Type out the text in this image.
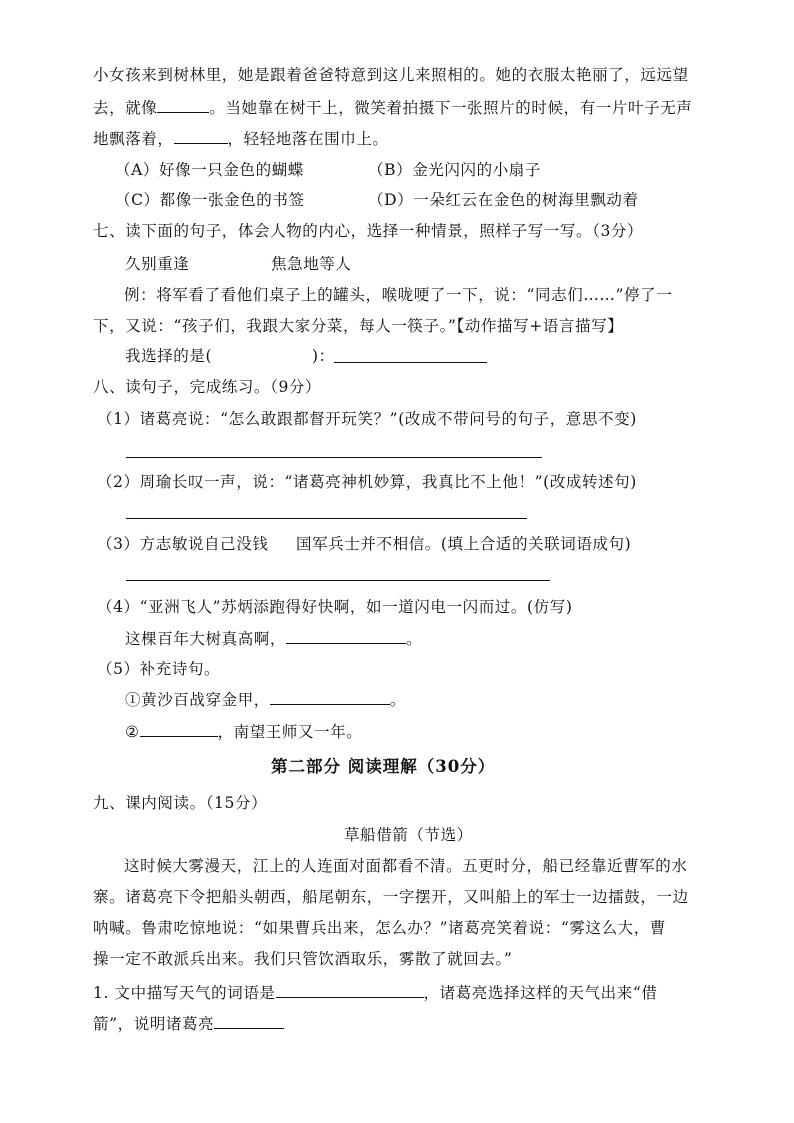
小女孩来到树林里，她是跟着爸爸特意到这儿来照相的。她的衣服太艳丽了，远远望
去，就像	。当她靠在树干上，微笑着拍摄下一张照片的时候，有一片叶子无声
地飘落着，	，轻轻地落在围巾上。
（A）好像一只金色的蝴蝶	（B）金光闪闪的小扇子
（C）都像一张金色的书签	（D）一朵红云在金色的树海里飘动着
七、读下面的句子，体会人物的内心，选择一种情景，照样子写一写。（3分）
久别重逢	焦急地等人
例：将军看了看他们桌子上的罐头，喉咙哽了一下，说：“同志们……”停了一
下，又说：“孩子们，我跟大家分菜，每人一筷子。”【动作描写+语言描写】
我选择的是(	)：
八、读句子，完成练习。（9分）
（1）诸葛亮说：“怎么敢跟都督开玩笑？”(改成不带问号的句子，意思不变)
（2）周瑜长叹一声，说：“诸葛亮神机妙算，我真比不上他！”(改成转述句)
（3）方志敏说自己没钱 国军兵士并不相信。(填上合适的关联词语成句)
（4）“亚洲飞人”苏炳添跑得好快啊，如一道闪电一闪而过。(仿写)
这棵百年大树真高啊，	。
（5）补充诗句。
①黄沙百战穿金甲，	。
②	，南望王师又一年。
第二部分 阅读理解（30分）
九、课内阅读。（15分）
草船借箭（节选）
这时候大雾漫天，江上的人连面对面都看不清。五更时分，船已经靠近曹军的水
寨。诸葛亮下令把船头朝西，船尾朝东，一字摆开，又叫船上的军士一边擂鼓，一边
呐喊。鲁肃吃惊地说：“如果曹兵出来，怎么办？”诸葛亮笑着说：“雾这么大，曹
操一定不敢派兵出来。我们只管饮酒取乐，雾散了就回去。”
1. 文中描写天气的词语是	，诸葛亮选择这样的天气出来“借
箭”，说明诸葛亮
